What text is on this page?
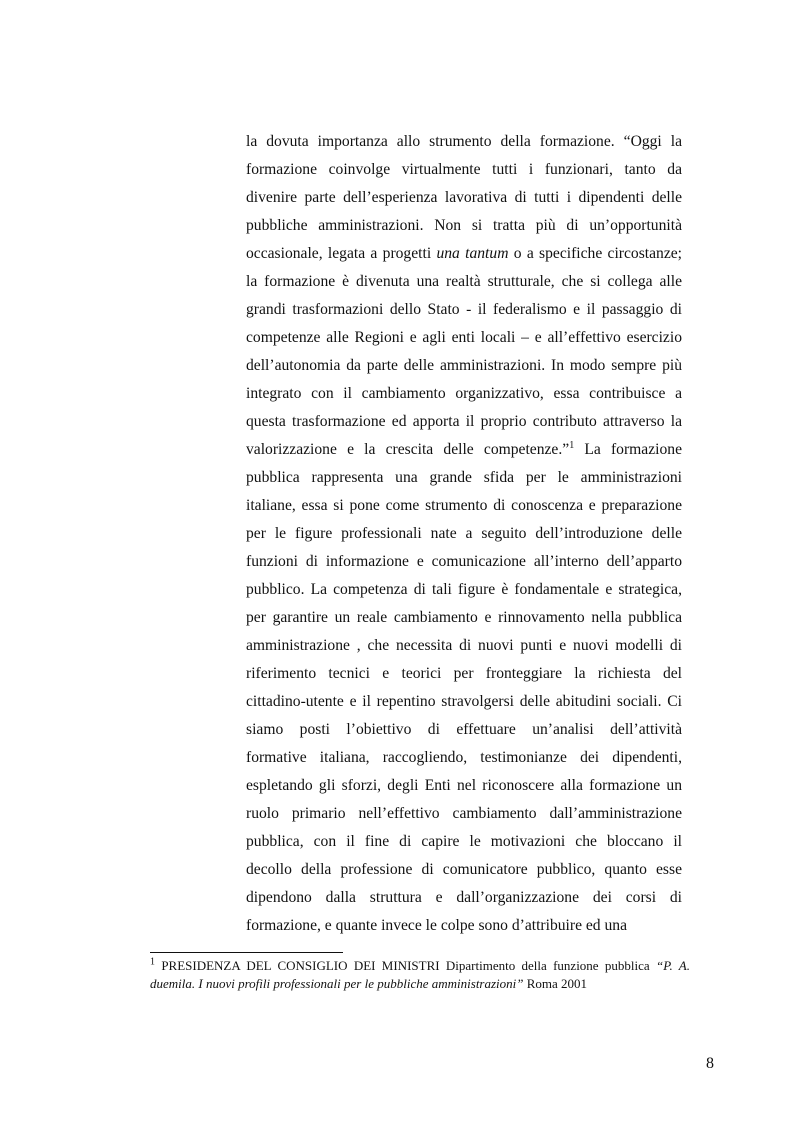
la dovuta importanza allo strumento della formazione. “Oggi la
formazione coinvolge virtualmente tutti i funzionari, tanto da
divenire parte dell’esperienza lavorativa di tutti i dipendenti delle
pubbliche amministrazioni. Non si tratta più di un’opportunità
occasionale, legata a progetti una tantum o a specifiche circostanze;
la formazione è divenuta una realtà strutturale, che si collega alle
grandi trasformazioni dello Stato - il federalismo e il passaggio di
competenze alle Regioni e agli enti locali – e all’effettivo esercizio
dell’autonomia da parte delle amministrazioni. In modo sempre più
integrato con il cambiamento organizzativo, essa contribuisce a
questa trasformazione ed apporta il proprio contributo attraverso la
valorizzazione e la crescita delle competenze.”$^1$ La formazione
pubblica rappresenta una grande sfida per le amministrazioni
italiane, essa si pone come strumento di conoscenza e preparazione
per le figure professionali nate a seguito dell’introduzione delle
funzioni di informazione e comunicazione all’interno dell’apparto
pubblico. La competenza di tali figure è fondamentale e strategica,
per garantire un reale cambiamento e rinnovamento nella pubblica
amministrazione , che necessita di nuovi punti e nuovi modelli di
riferimento tecnici e teorici per fronteggiare la richiesta del
cittadino-utente e il repentino stravolgersi delle abitudini sociali. Ci
siamo posti l’obiettivo di effettuare un’analisi dell’attività
formative italiana, raccogliendo, testimonianze dei dipendenti,
espletando gli sforzi, degli Enti nel riconoscere alla formazione un
ruolo primario nell’effettivo cambiamento dall’amministrazione
pubblica, con il fine di capire le motivazioni che bloccano il
decollo della professione di comunicatore pubblico, quanto esse
dipendono dalla struttura e dall’organizzazione dei corsi di
formazione, e quante invece le colpe sono d’attribuire ed una
$^1$ PRESIDENZA DEL CONSIGLIO DEI MINISTRI Dipartimento della funzione pubblica “P. A.
duemila. I nuovi profili professionali per le pubbliche amministrazioni” Roma 2001
8
